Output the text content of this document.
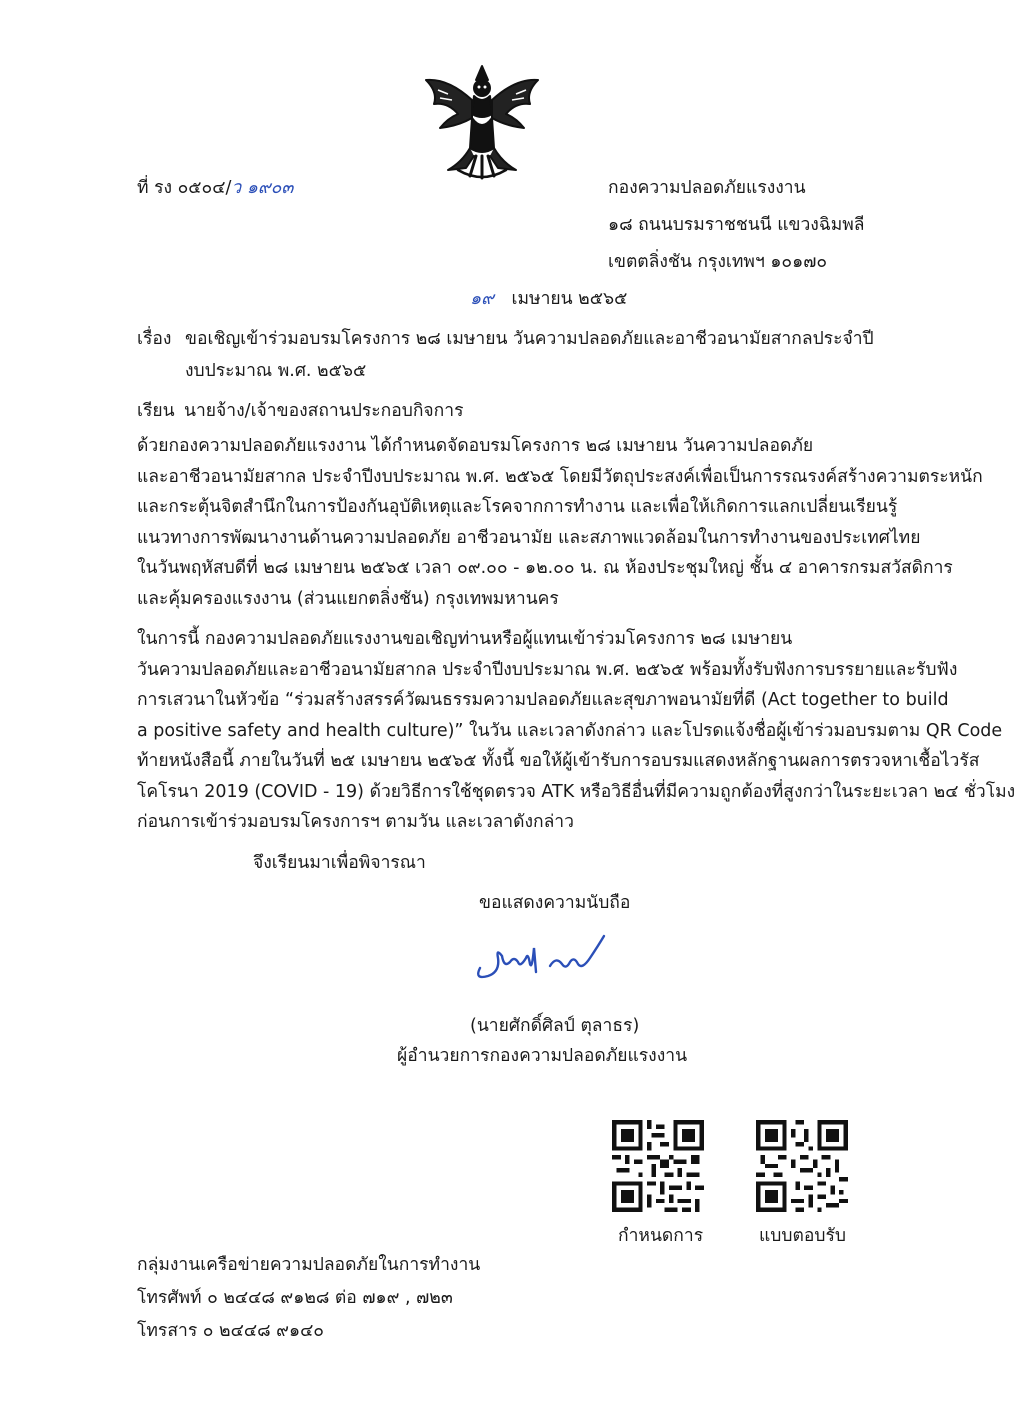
ที่ รง ๐๕๐๔/ว ๑๙๐๓	กองความปลอดภัยแรงงาน
๑๘ ถนนบรมราชชนนี แขวงฉิมพลี
เขตตลิ่งชัน กรุงเทพฯ ๑๐๑๗๐
๑๙ เมษายน ๒๕๖๕
เรื่อง ขอเชิญเข้าร่วมอบรมโครงการ ๒๘ เมษายน วันความปลอดภัยและอาชีวอนามัยสากลประจำปี
งบประมาณ พ.ศ. ๒๕๖๕
เรียน นายจ้าง/เจ้าของสถานประกอบกิจการ
ด้วยกองความปลอดภัยแรงงาน ได้กำหนดจัดอบรมโครงการ ๒๘ เมษายน วันความปลอดภัย
และอาชีวอนามัยสากล ประจำปีงบประมาณ พ.ศ. ๒๕๖๕ โดยมีวัตถุประสงค์เพื่อเป็นการรณรงค์สร้างความตระหนัก
และกระตุ้นจิตสำนึกในการป้องกันอุบัติเหตุและโรคจากการทำงาน และเพื่อให้เกิดการแลกเปลี่ยนเรียนรู้
แนวทางการพัฒนางานด้านความปลอดภัย อาชีวอนามัย และสภาพแวดล้อมในการทำงานของประเทศไทย
ในวันพฤหัสบดีที่ ๒๘ เมษายน ๒๕๖๕ เวลา ๐๙.๐๐ - ๑๒.๐๐ น. ณ ห้องประชุมใหญ่ ชั้น ๔ อาคารกรมสวัสดิการ
และคุ้มครองแรงงาน (ส่วนแยกตลิ่งชัน) กรุงเทพมหานคร
ในการนี้ กองความปลอดภัยแรงงานขอเชิญท่านหรือผู้แทนเข้าร่วมโครงการ ๒๘ เมษายน
วันความปลอดภัยและอาชีวอนามัยสากล ประจำปีงบประมาณ พ.ศ. ๒๕๖๕ พร้อมทั้งรับฟังการบรรยายและรับฟัง
การเสวนาในหัวข้อ “ร่วมสร้างสรรค์วัฒนธรรมความปลอดภัยและสุขภาพอนามัยที่ดี (Act together to build
a positive safety and health culture)” ในวัน และเวลาดังกล่าว และโปรดแจ้งชื่อผู้เข้าร่วมอบรมตาม QR Code
ท้ายหนังสือนี้ ภายในวันที่ ๒๕ เมษายน ๒๕๖๕ ทั้งนี้ ขอให้ผู้เข้ารับการอบรมแสดงหลักฐานผลการตรวจหาเชื้อไวรัส
โคโรนา 2019 (COVID - 19) ด้วยวิธีการใช้ชุดตรวจ ATK หรือวิธีอื่นที่มีความถูกต้องที่สูงกว่าในระยะเวลา ๒๔ ชั่วโมง
ก่อนการเข้าร่วมอบรมโครงการฯ ตามวัน และเวลาดังกล่าว
จึงเรียนมาเพื่อพิจารณา
ขอแสดงความนับถือ
(นายศักดิ์ศิลป์ ตุลาธร)
ผู้อำนวยการกองความปลอดภัยแรงงาน
กำหนดการ	แบบตอบรับ
กลุ่มงานเครือข่ายความปลอดภัยในการทำงาน
โทรศัพท์ ๐ ๒๔๔๘ ๙๑๒๘ ต่อ ๗๑๙ , ๗๒๓
โทรสาร ๐ ๒๔๔๘ ๙๑๔๐
